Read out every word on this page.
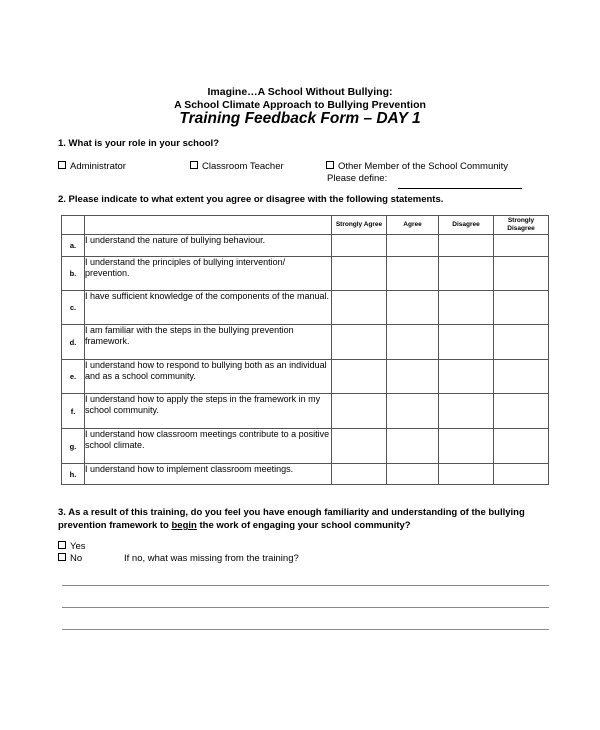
Imagine…A School Without Bullying:
A School Climate Approach to Bullying Prevention
Training Feedback Form – DAY 1
1. What is your role in your school?
Administrator	Classroom Teacher	Other Member of the School Community
Please define:
2. Please indicate to what extent you agree or disagree with the following statements.
		Strongly Agree	Agree	Disagree	Strongly Disagree
a.	I understand the nature of bullying behaviour.				
b.	I understand the principles of bullying intervention/ prevention.				
c.	I have sufficient knowledge of the components of the manual.				
d.	I am familiar with the steps in the bullying prevention framework.				
e.	I understand how to respond to bullying both as an individual and as a school community.				
f.	I understand how to apply the steps in the framework in my school community.				
g.	I understand how classroom meetings contribute to a positive school climate.				
h.	I understand how to implement classroom meetings.				
3. As a result of this training, do you feel you have enough familiarity and understanding of the bullying prevention framework to begin the work of engaging your school community?
Yes
No	If no, what was missing from the training?
